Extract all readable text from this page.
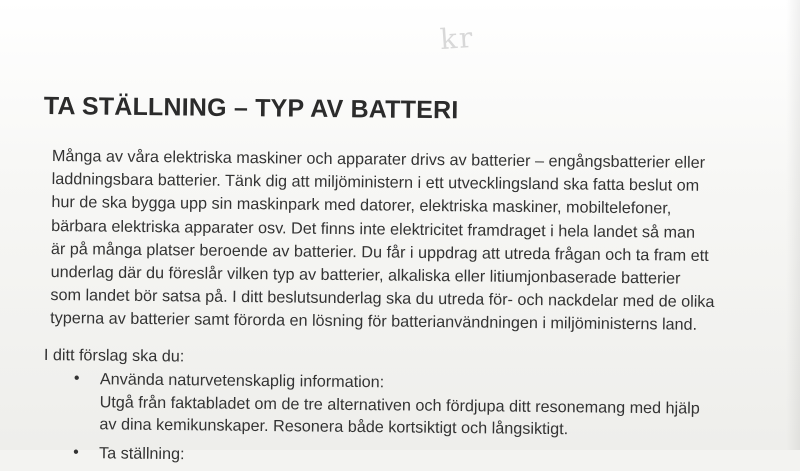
kr
TA STÄLLNING – TYP AV BATTERI

Många av våra elektriska maskiner och apparater drivs av batterier – engångsbatterier eller
laddningsbara batterier. Tänk dig att miljöministern i ett utvecklingsland ska fatta beslut om
hur de ska bygga upp sin maskinpark med datorer, elektriska maskiner, mobiltelefoner,
bärbara elektriska apparater osv. Det finns inte elektricitet framdraget i hela landet så man
är på många platser beroende av batterier. Du får i uppdrag att utreda frågan och ta fram ett
underlag där du föreslår vilken typ av batterier, alkaliska eller litiumjonbaserade batterier
som landet bör satsa på. I ditt beslutsunderlag ska du utreda för- och nackdelar med de olika
typerna av batterier samt förorda en lösning för batterianvändningen i miljöministerns land.

I ditt förslag ska du:

• Använda naturvetenskaplig information:
Utgå från faktabladet om de tre alternativen och fördjupa ditt resonemang med hjälp
av dina kemikunskaper. Resonera både kortsiktigt och långsiktigt.
• Ta ställning:
